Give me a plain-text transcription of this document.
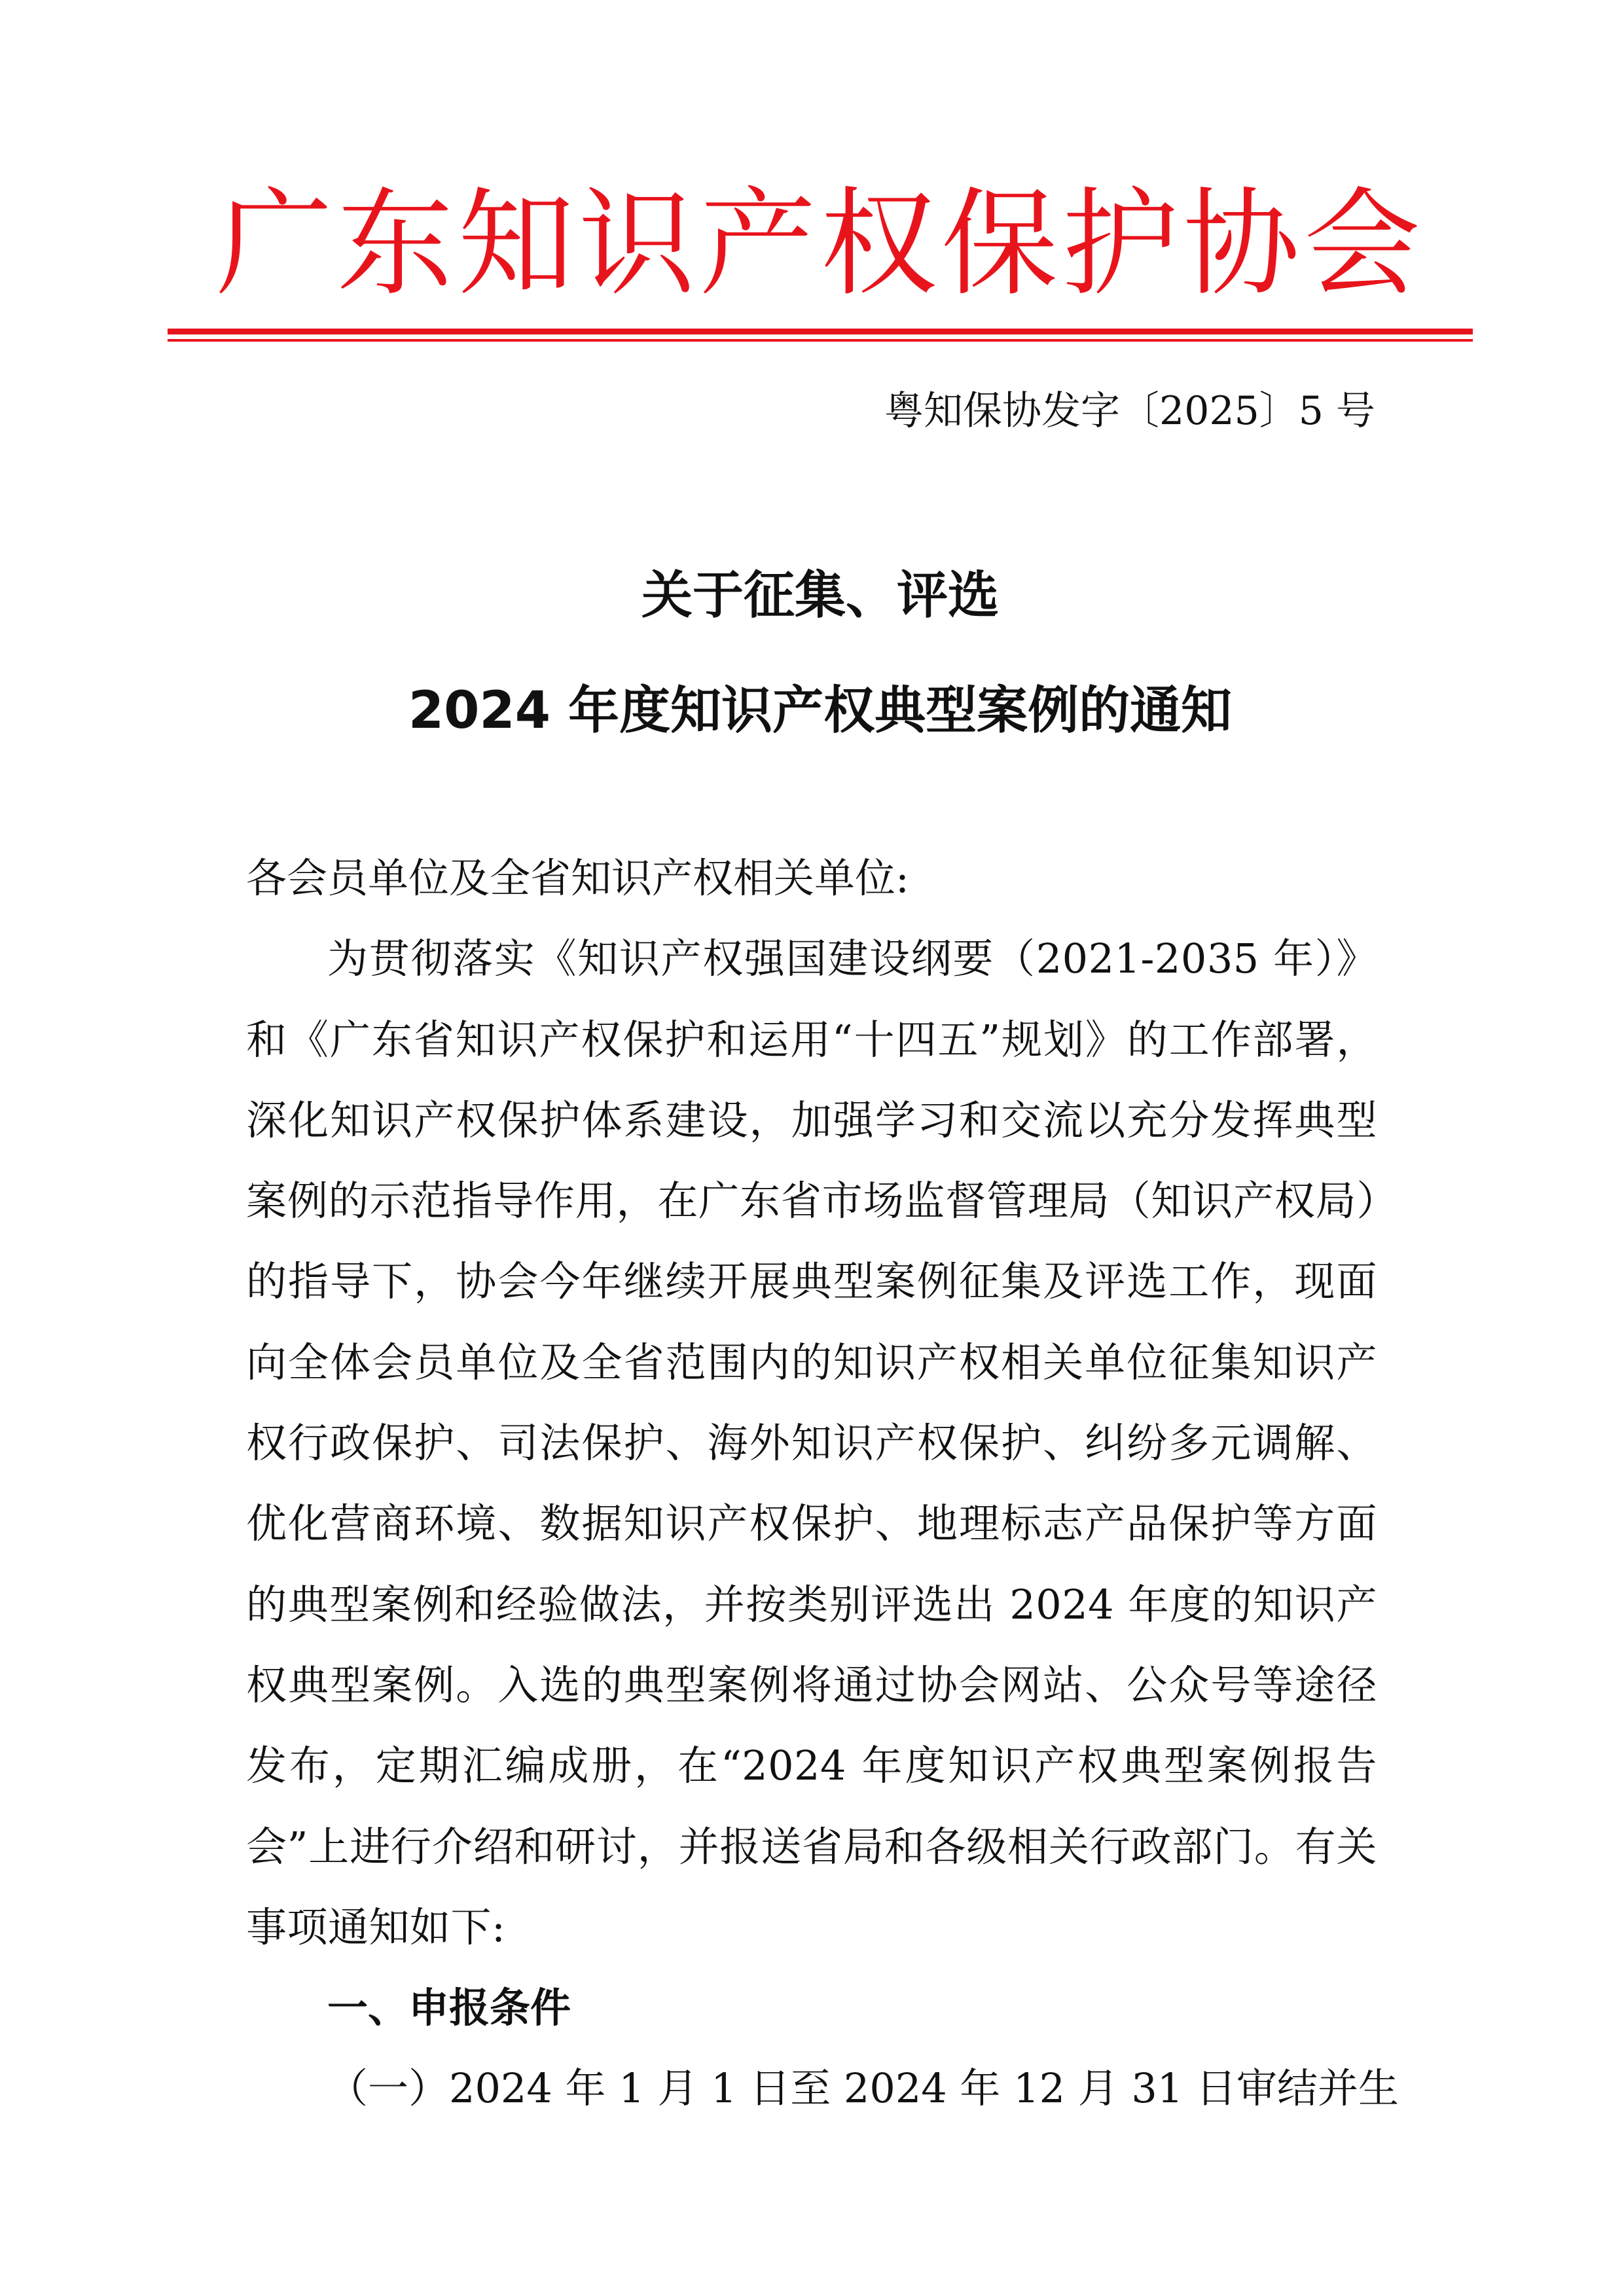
广东知识产权保护协会
粤知保协发字〔2025〕5 号
关于征集、评选
2024 年度知识产权典型案例的通知

各会员单位及全省知识产权相关单位:

为贯彻落实《知识产权强国建设纲要（2021-2035 年）》和《广东省知识产权保护和运用“十四五”规划》的工作部署，深化知识产权保护体系建设，加强学习和交流以充分发挥典型案例的示范指导作用，在广东省市场监督管理局（知识产权局）的指导下，协会今年继续开展典型案例征集及评选工作，现面向全体会员单位及全省范围内的知识产权相关单位征集知识产权行政保护、司法保护、海外知识产权保护、纠纷多元调解、优化营商环境、数据知识产权保护、地理标志产品保护等方面的典型案例和经验做法，并按类别评选出 2024 年度的知识产权典型案例。入选的典型案例将通过协会网站、公众号等途径发布，定期汇编成册，在“2024 年度知识产权典型案例报告会”上进行介绍和研讨，并报送省局和各级相关行政部门。有关事项通知如下:

一、申报条件

（一）2024 年 1 月 1 日至 2024 年 12 月 31 日审结并生
